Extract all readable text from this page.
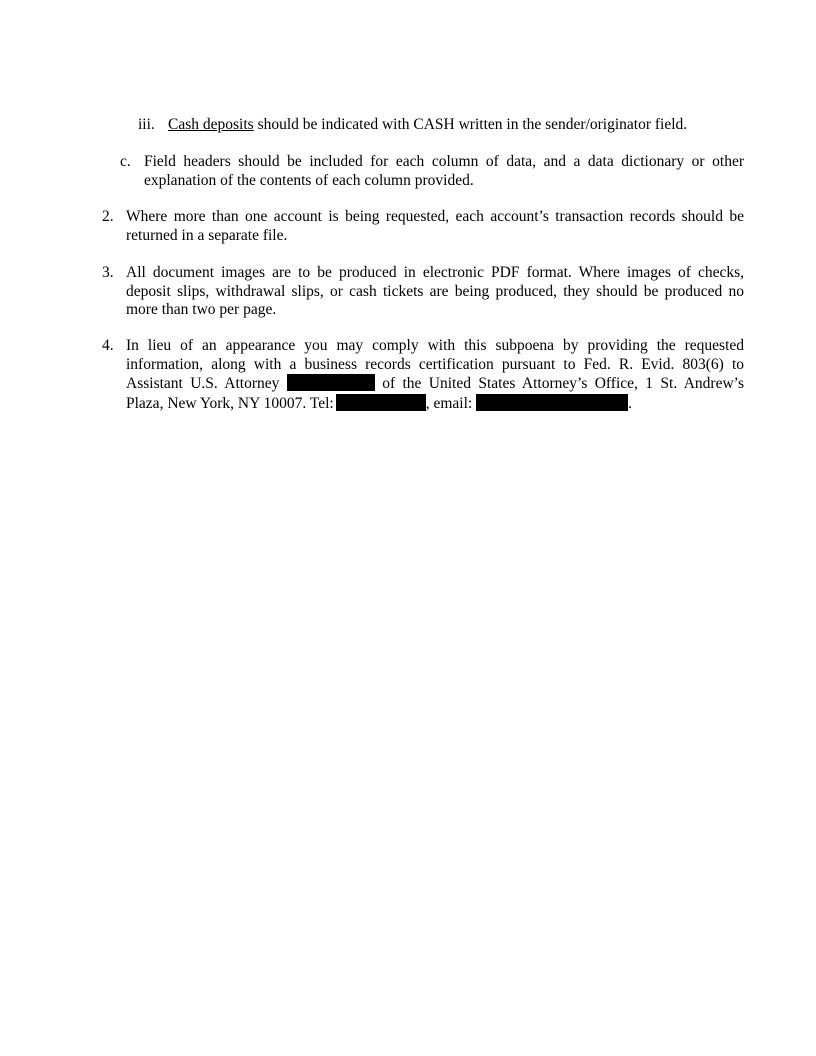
iii. Cash deposits should be indicated with CASH written in the sender/originator field.
c. Field headers should be included for each column of data, and a data dictionary or other explanation of the contents of each column provided.
2. Where more than one account is being requested, each account’s transaction records should be returned in a separate file.
3. All document images are to be produced in electronic PDF format. Where images of checks, deposit slips, withdrawal slips, or cash tickets are being produced, they should be produced no more than two per page.
4. In lieu of an appearance you may comply with this subpoena by providing the requested
information, along with a business records certification pursuant to Fed. R. Evid. 803(6) to
Assistant U.S. Attorney	of the United States Attorney’s Office, 1 St. Andrew’s
Plaza, New York, NY 10007. Tel:	, email:	.
